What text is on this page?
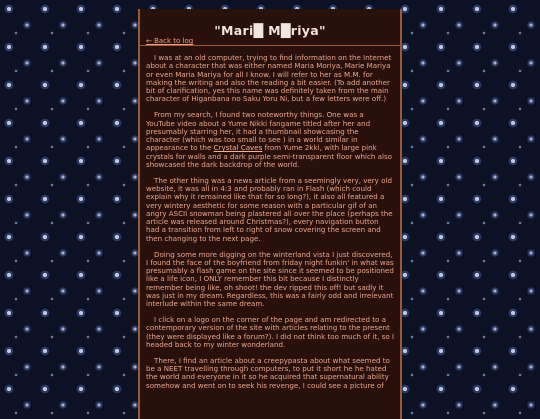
"Mari█ M█riya"
← Back to log

I was at an old computer, trying to find information on the Internet about a character that was either named Maria Moriya, Marie Mariya or even Maria Mariya for all I know. I will refer to her as M.M. for making the writing and also the reading a bit easier. (To add another bit of clarification, yes this name was definitely taken from the main character of Higanbana no Saku Yoru Ni, but a few letters were off.)

From my search, I found two noteworthy things. One was a YouTube video about a Yume Nikki fangame titled after her and presumably starring her, it had a thumbnail showcasing the character (which was too small to see ) in a world similar in appearance to the Crystal Caves from Yume 2kki, with large pink crystals for walls and a dark purple semi-transparent floor which also showcased the dark backdrop of the world.

The other thing was a news article from a seemingly very, very old website, it was all in 4:3 and probably ran in Flash (which could explain why it remained like that for so long?), it also all featured a very wintery aesthetic for some reason with a particular gif of an angry ASCII snowman being plastered all over the place (perhaps the article was released around Christmas?), every navigation button had a transition from left to right of snow covering the screen and then changing to the next page.

Doing some more digging on the winterland vista I just discovered, I found the face of the boyfriend from friday night funkin' in what was presumably a flash game on the site since it seemed to be positioned like a life icon, I ONLY remember this bit because I distinctly remember being like, oh shoot! the dev ripped this off! but sadly it was just in my dream. Regardless, this was a fairly odd and irrelevant interlude within the same dream.

I click on a logo on the corner of the page and am redirected to a contemporary version of the site with articles relating to the present (they were displayed like a forum?). I did not think too much of it, so I headed back to my winter wonderland.

There, I find an article about a creepypasta about what seemed to be a NEET travelling through computers, to put it short he he hated the world and everyone in it so he acquired that supernatural ability somehow and went on to seek his revenge, I could see a picture of
